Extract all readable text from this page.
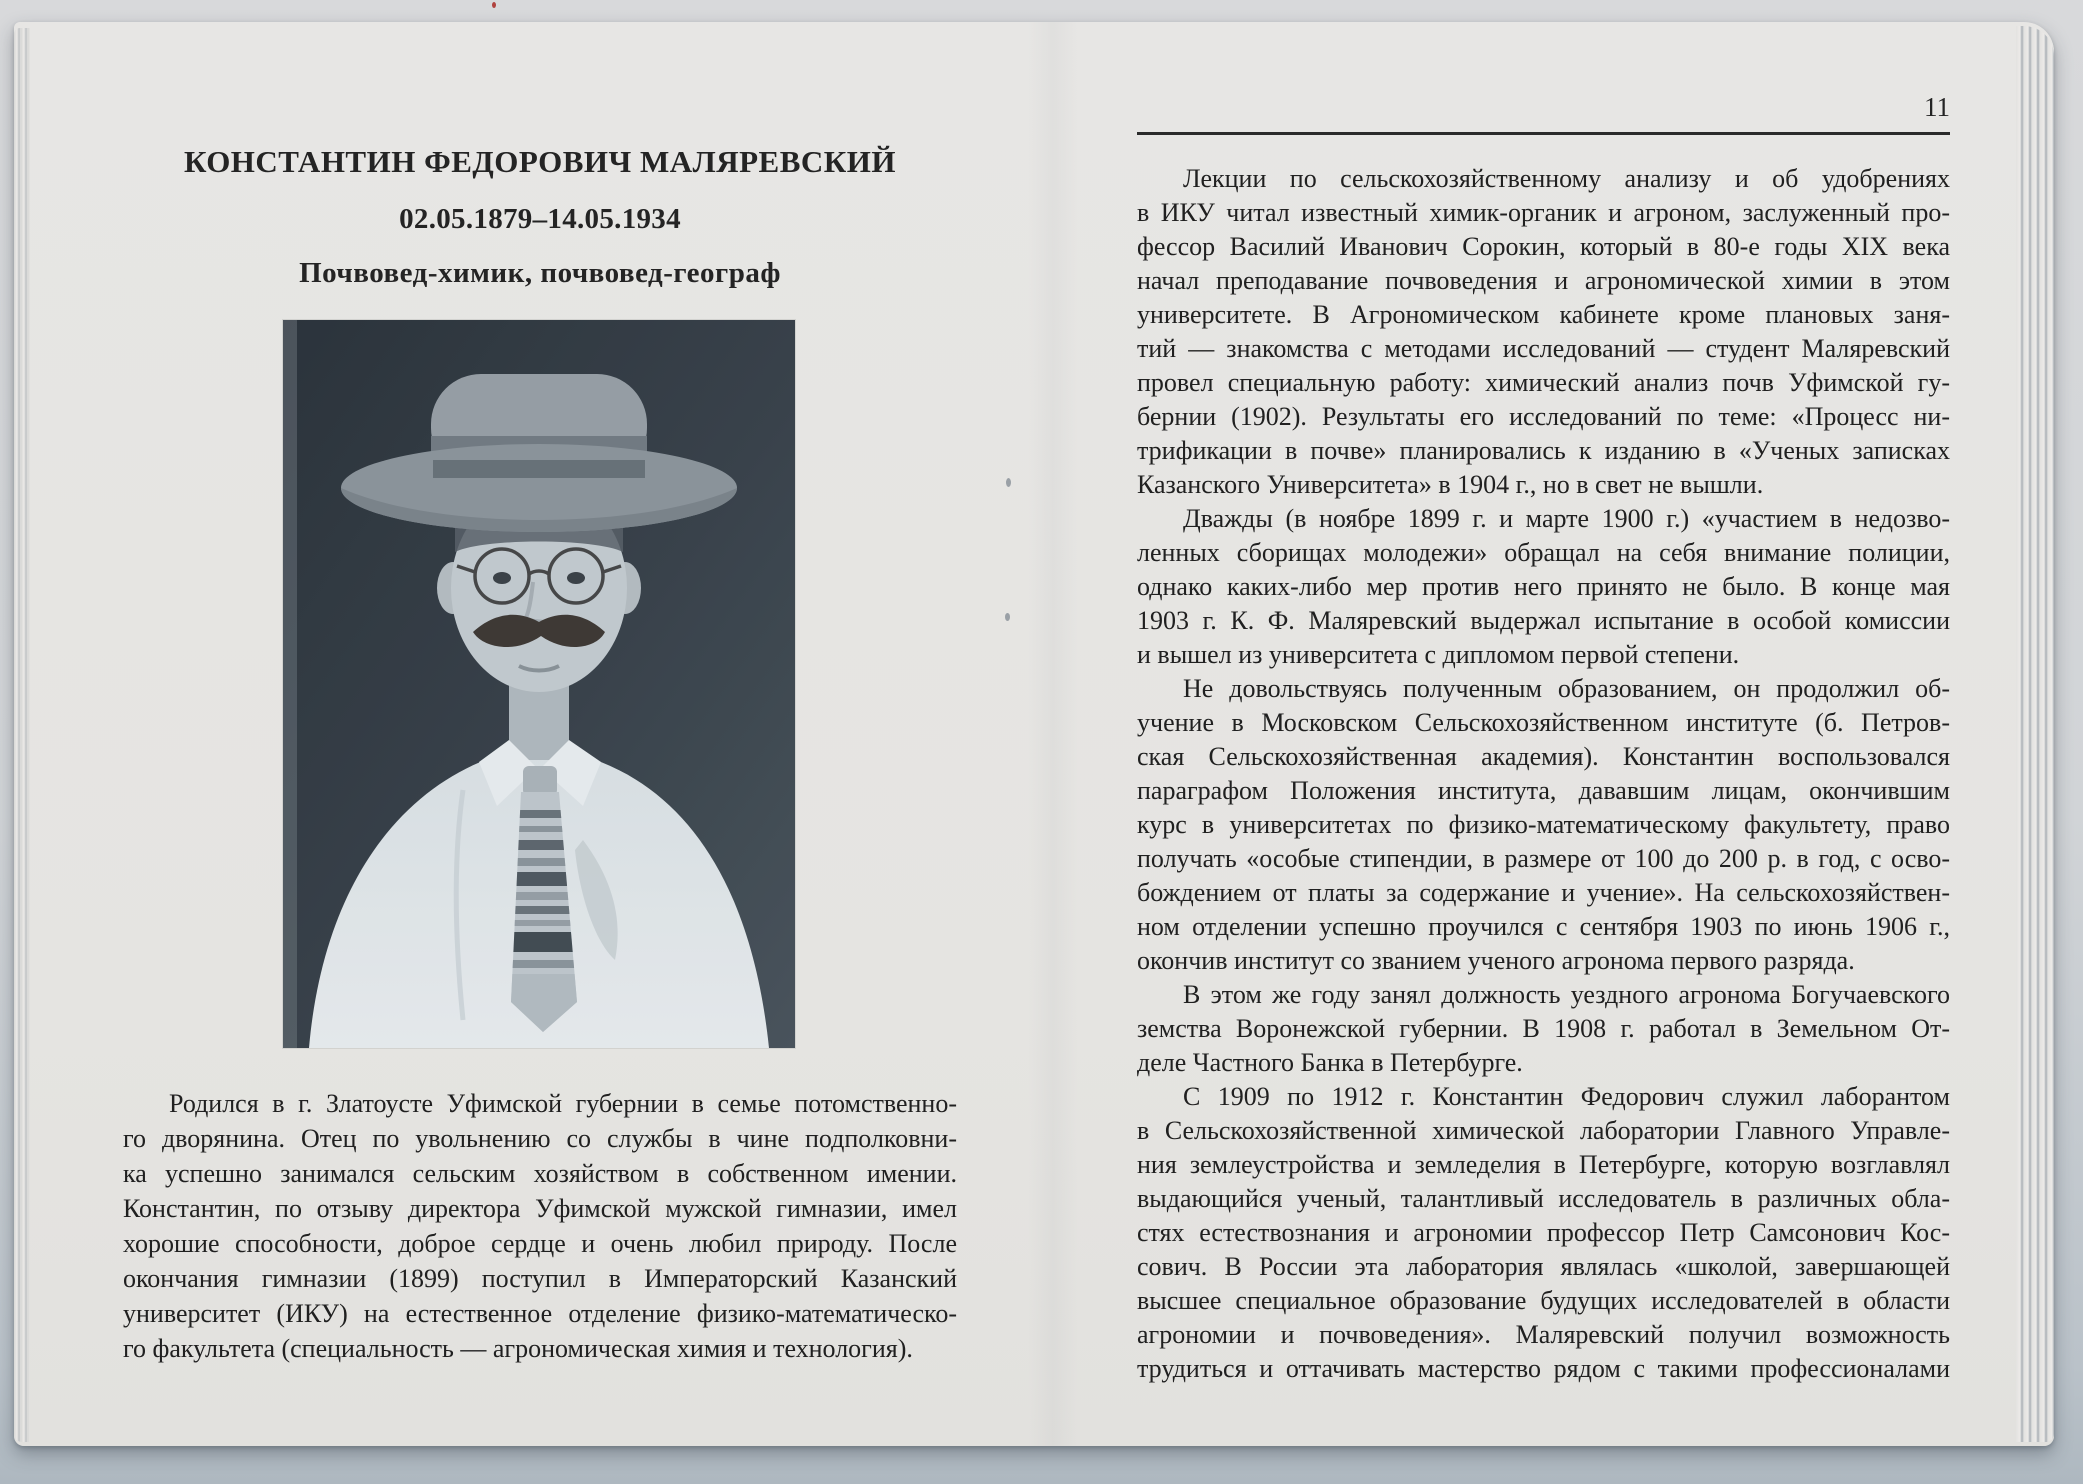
КОНСТАНТИН ФЕДОРОВИЧ МАЛЯРЕВСКИЙ
02.05.1879–14.05.1934
Почвовед-химик, почвовед-географ
Родился в г. Златоусте Уфимской губернии в семье потомственно-
го дворянина. Отец по увольнению со службы в чине подполковни-
ка успешно занимался сельским хозяйством в собственном имении.
Константин, по отзыву директора Уфимской мужской гимназии, имел
хорошие способности, доброе сердце и очень любил природу. После
окончания гимназии (1899) поступил в Императорский Казанский
университет (ИКУ) на естественное отделение физико-математическо-
го факультета (специальность — агрономическая химия и технология).
11
Лекции по сельскохозяйственному анализу и об удобрениях
в ИКУ читал известный химик-органик и агроном, заслуженный про-
фессор Василий Иванович Сорокин, который в 80-е годы XIX века
начал преподавание почвоведения и агрономической химии в этом
университете. В Агрономическом кабинете кроме плановых заня-
тий — знакомства с методами исследований — студент Маляревский
провел специальную работу: химический анализ почв Уфимской гу-
бернии (1902). Результаты его исследований по теме: «Процесс ни-
трификации в почве» планировались к изданию в «Ученых записках
Казанского Университета» в 1904 г., но в свет не вышли.
Дважды (в ноябре 1899 г. и марте 1900 г.) «участием в недозво-
ленных сборищах молодежи» обращал на себя внимание полиции,
однако каких-либо мер против него принято не было. В конце мая
1903 г. К. Ф. Маляревский выдержал испытание в особой комиссии
и вышел из университета с дипломом первой степени.
Не довольствуясь полученным образованием, он продолжил об-
учение в Московском Сельскохозяйственном институте (б. Петров-
ская Сельскохозяйственная академия). Константин воспользовался
параграфом Положения института, дававшим лицам, окончившим
курс в университетах по физико-математическому факультету, право
получать «особые стипендии, в размере от 100 до 200 р. в год, с осво-
бождением от платы за содержание и учение». На сельскохозяйствен-
ном отделении успешно проучился с сентября 1903 по июнь 1906 г.,
окончив институт со званием ученого агронома первого разряда.
В этом же году занял должность уездного агронома Богучаевского
земства Воронежской губернии. В 1908 г. работал в Земельном От-
деле Частного Банка в Петербурге.
С 1909 по 1912 г. Константин Федорович служил лаборантом
в Сельскохозяйственной химической лаборатории Главного Управле-
ния землеустройства и земледелия в Петербурге, которую возглавлял
выдающийся ученый, талантливый исследователь в различных обла-
стях естествознания и агрономии профессор Петр Самсонович Кос-
сович. В России эта лаборатория являлась «школой, завершающей
высшее специальное образование будущих исследователей в области
агрономии и почвоведения». Маляревский получил возможность
трудиться и оттачивать мастерство рядом с такими профессионалами
